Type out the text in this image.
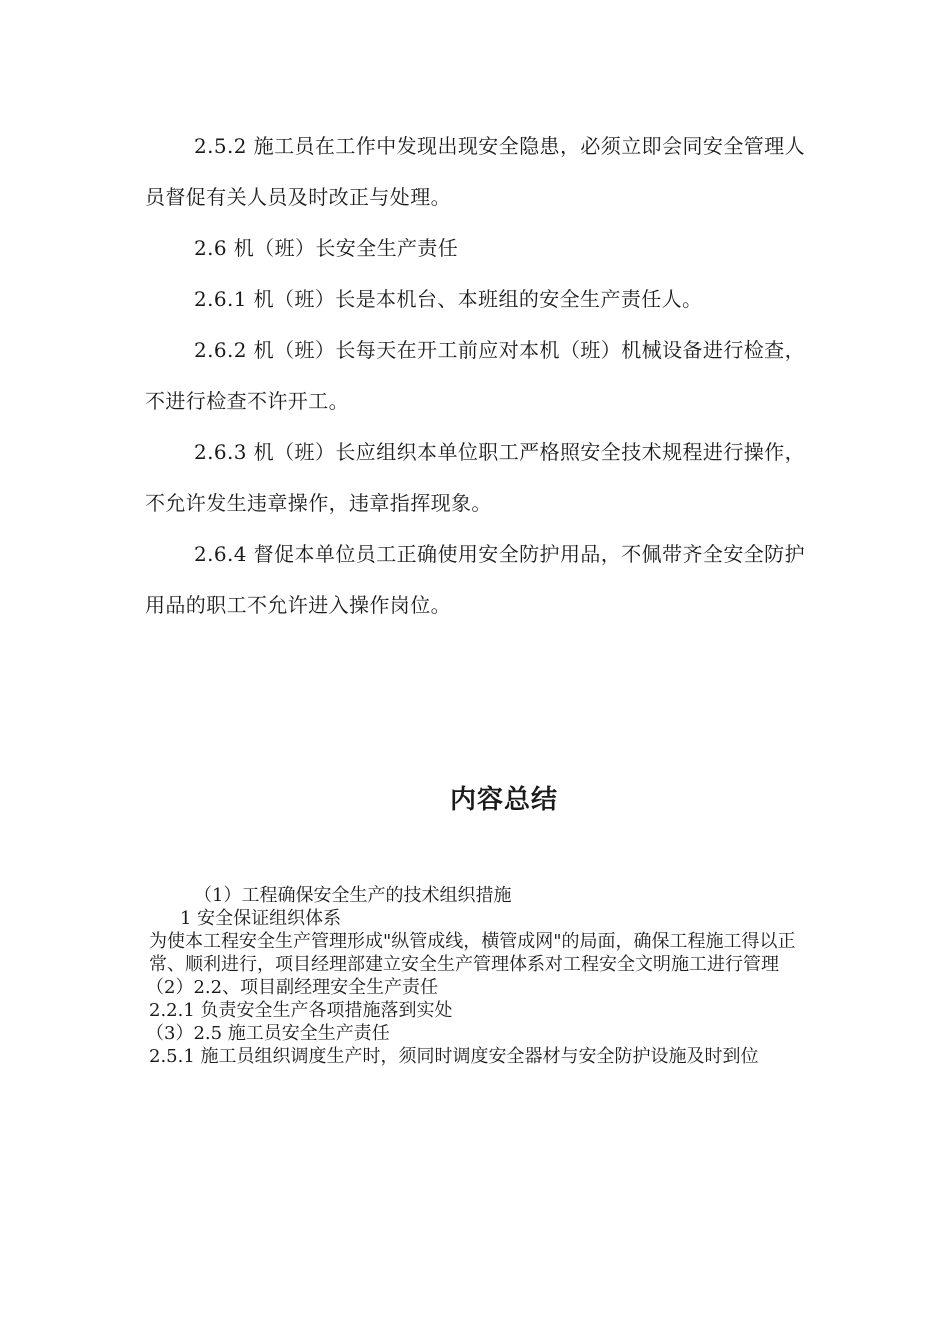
2.5.2 施工员在工作中发现出现安全隐患，必须立即会同安全管理人员督促有关人员及时改正与处理。

2.6 机（班）长安全生产责任

2.6.1 机（班）长是本机台、本班组的安全生产责任人。

2.6.2 机（班）长每天在开工前应对本机（班）机械设备进行检查，不进行检查不许开工。

2.6.3 机（班）长应组织本单位职工严格照安全技术规程进行操作，不允许发生违章操作，违章指挥现象。

2.6.4 督促本单位员工正确使用安全防护用品，不佩带齐全安全防护用品的职工不允许进入操作岗位。

内容总结

（1）工程确保安全生产的技术组织措施

1 安全保证组织体系

为使本工程安全生产管理形成"纵管成线，横管成网"的局面，确保工程施工得以正常、顺利进行，项目经理部建立安全生产管理体系对工程安全文明施工进行管理

（2）2.2、项目副经理安全生产责任

2.2.1 负责安全生产各项措施落到实处

（3）2.5 施工员安全生产责任

2.5.1 施工员组织调度生产时，须同时调度安全器材与安全防护设施及时到位
